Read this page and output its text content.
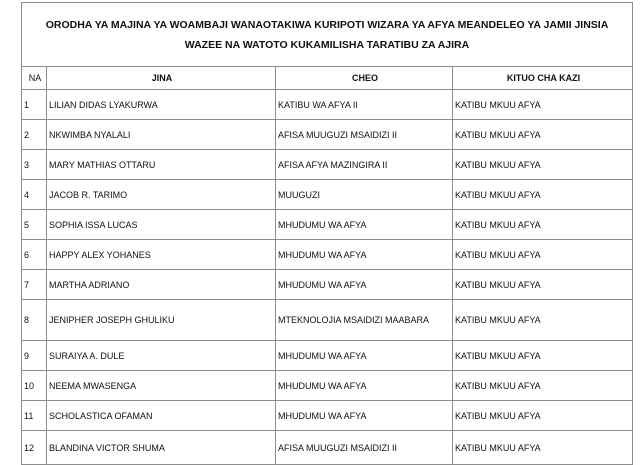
ORODHA YA MAJINA YA WOAMBAJI WANAOTAKIWA KURIPOTI WIZARA YA AFYA MEANDELEO YA JAMII JINSIA WAZEE NA WATOTO KUKAMILISHA TARATIBU ZA AJIRA			
NA	JINA	CHEO	KITUO CHA KAZI
1	LILIAN DIDAS LYAKURWA	KATIBU WA AFYA II	KATIBU MKUU AFYA
2	NKWIMBA NYALALI	AFISA MUUGUZI MSAIDIZI II	KATIBU MKUU AFYA
3	MARY MATHIAS OTTARU	AFISA AFYA MAZINGIRA II	KATIBU MKUU AFYA
4	JACOB R. TARIMO	MUUGUZI	KATIBU MKUU AFYA
5	SOPHIA ISSA LUCAS	MHUDUMU WA AFYA	KATIBU MKUU AFYA
6	HAPPY ALEX YOHANES	MHUDUMU WA AFYA	KATIBU MKUU AFYA
7	MARTHA ADRIANO	MHUDUMU WA AFYA	KATIBU MKUU AFYA
8	JENIPHER JOSEPH GHULIKU	MTEKNOLOJIA MSAIDIZI MAABARA	KATIBU MKUU AFYA
9	SURAIYA A. DULE	MHUDUMU WA AFYA	KATIBU MKUU AFYA
10	NEEMA MWASENGA	MHUDUMU WA AFYA	KATIBU MKUU AFYA
11	SCHOLASTICA OFAMAN	MHUDUMU WA AFYA	KATIBU MKUU AFYA
12	BLANDINA VICTOR SHUMA	AFISA MUUGUZI MSAIDIZI II	KATIBU MKUU AFYA
